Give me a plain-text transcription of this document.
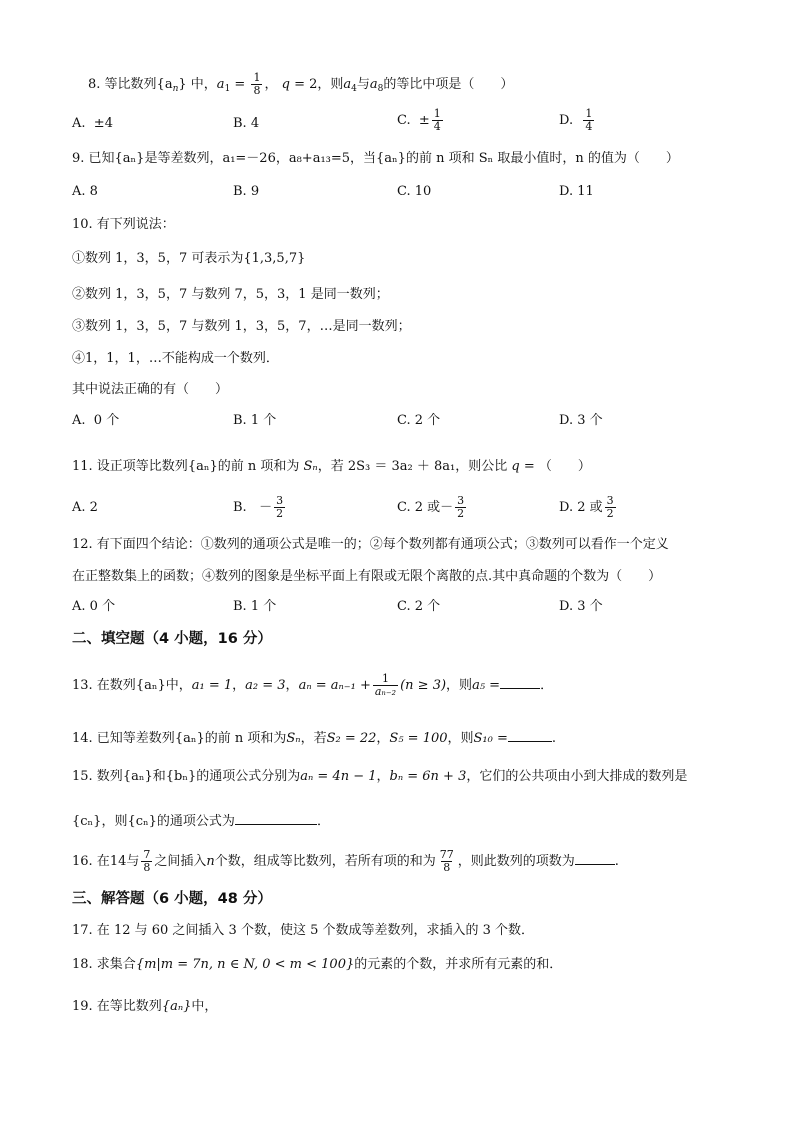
8. 等比数列$\{a_n\}$ 中，$a_1 = \frac{1}{8}$ ， q = 2，则$a_4$与$a_8$的等比中项是（　　）
A. ±4	B. 4	C. ± $\frac{1}{4}$	D. $\frac{1}{4}$
9. 已知{aₙ}是等差数列，a₁=－26，a₈+a₁₃=5，当{aₙ}的前 n 项和 Sₙ 取最小值时，n 的值为（　　）
A. 8	B. 9	C. 10	D. 11
10. 有下列说法：
①数列 1，3，5，7 可表示为{1,3,5,7}
②数列 1，3，5，7 与数列 7，5，3，1 是同一数列；
③数列 1，3，5，7 与数列 1，3，5，7，…是同一数列；
④1，1，1，…不能构成一个数列．
其中说法正确的有（　　）
A. 0 个	B. 1 个	C. 2 个	D. 3 个
11. 设正项等比数列{aₙ}的前 n 项和为 Sₙ，若 2S₃ ＝ 3a₂ ＋ 8a₁，则公比 q = （　　）
A. 2	B. － $\frac{3}{2}$	C. 2 或－ $\frac{3}{2}$	D. 2 或 $\frac{3}{2}$
12. 有下面四个结论：①数列的通项公式是唯一的；②每个数列都有通项公式；③数列可以看作一个定义
在正整数集上的函数；④数列的图象是坐标平面上有限或无限个离散的点.其中真命题的个数为（　　）
A. 0 个	B. 1 个	C. 2 个	D. 3 个
二、填空题（4 小题，16 分）
13. 在数列{aₙ}中，a₁ = 1，a₂ = 3，$a_n = a_{n-1} + \frac{1}{\text{aₙ₋₂}} (n \ge 3)$，则a₅ =	．
14. 已知等差数列{aₙ}的前 n 项和为Sₙ，若S₂ = 22，S₅ = 100，则S₁₀ =	.
15. 数列{aₙ}和{bₙ}的通项公式分别为aₙ = 4n − 1，bₙ = 6n + 3，它们的公共项由小到大排成的数列是
{cₙ}，则{cₙ}的通项公式为	．
16. 在14与 $\frac{7}{8}$ 之间插入n个数，组成等比数列，若所有项的和为 $\frac{77}{8}$ ，则此数列的项数为	.
三、解答题（6 小题，48 分）
17. 在 12 与 60 之间插入 3 个数，使这 5 个数成等差数列，求插入的 3 个数．
18. 求集合{m|m = 7n, n ∈ N, 0 < m < 100}的元素的个数，并求所有元素的和．
19. 在等比数列{aₙ}中，
